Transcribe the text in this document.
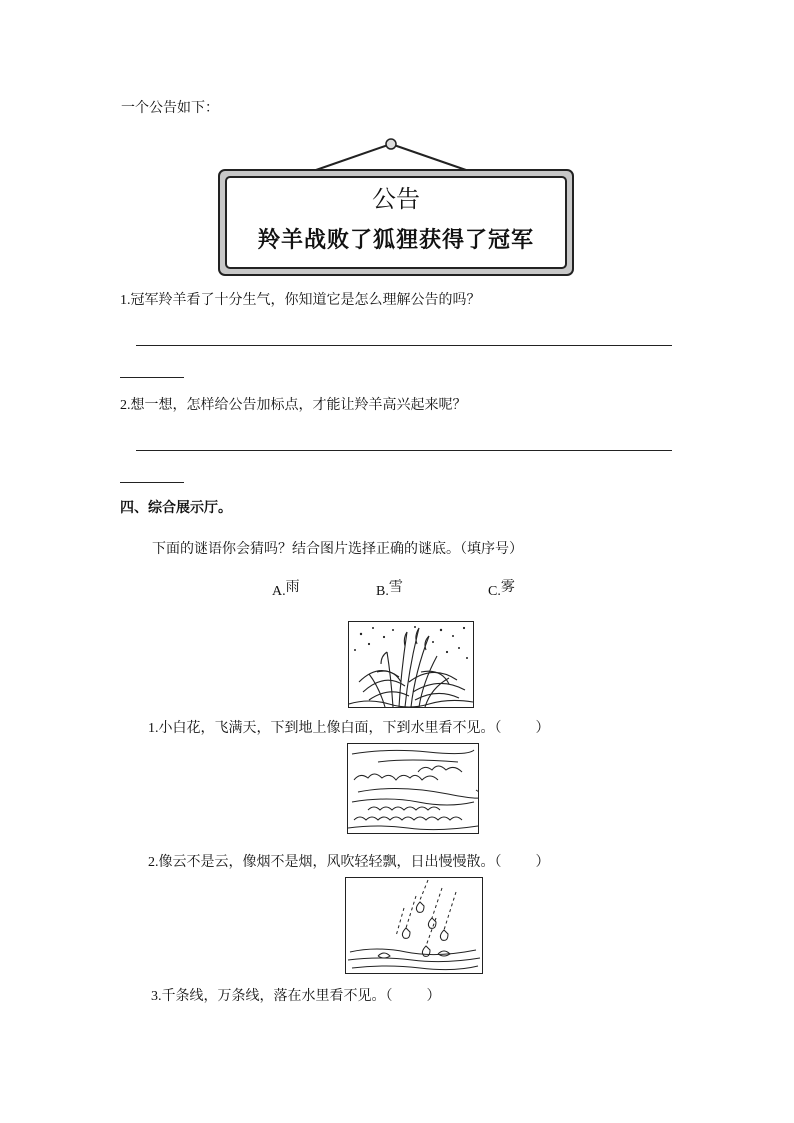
一个公告如下：
公告
羚羊战败了狐狸获得了冠军
1.冠军羚羊看了十分生气，你知道它是怎么理解公告的吗？
2.想一想，怎样给公告加标点，才能让羚羊高兴起来呢？
四、综合展示厅。
下面的谜语你会猜吗？结合图片选择正确的谜底。（填序号）
A.雨	B.雪	C.雾
1.小白花，飞满天，下到地上像白面，下到水里看不见。（ ）
2.像云不是云，像烟不是烟，风吹轻轻飘，日出慢慢散。（ ）
3.千条线，万条线，落在水里看不见。（ ）
